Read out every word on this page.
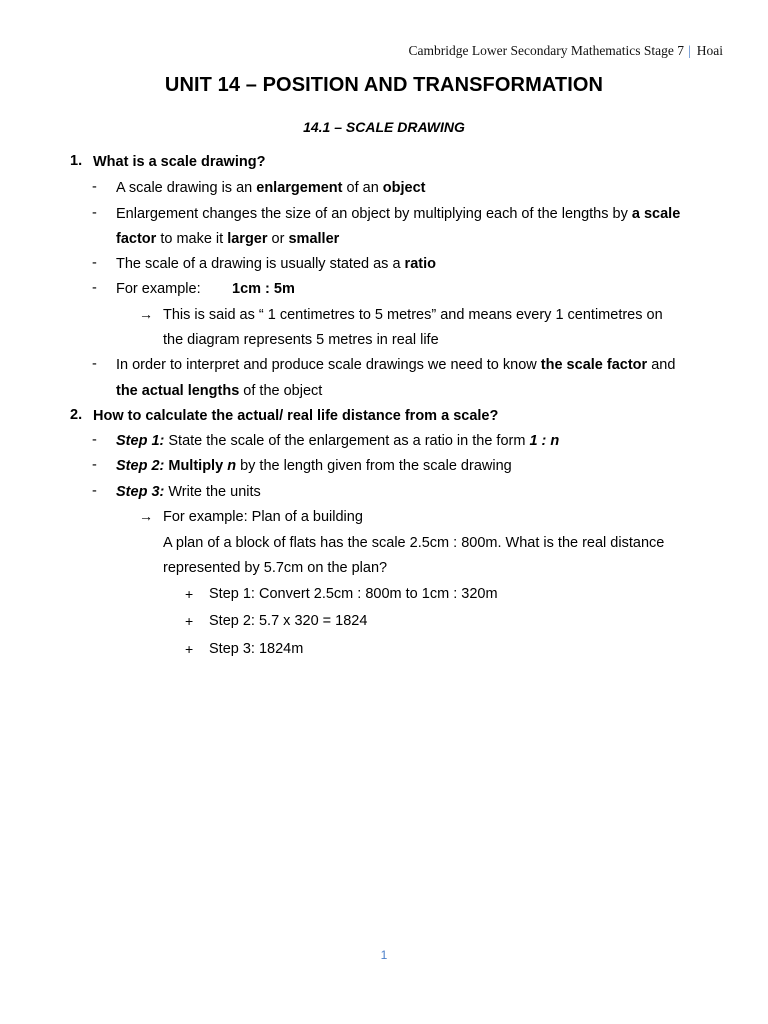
Cambridge Lower Secondary Mathematics Stage 7 | Hoai
UNIT 14 – POSITION AND TRANSFORMATION
14.1 – SCALE DRAWING
1. What is a scale drawing?
- A scale drawing is an enlargement of an object
- Enlargement changes the size of an object by multiplying each of the lengths by a scale
factor to make it larger or smaller
- The scale of a drawing is usually stated as a ratio
- For example: 1cm : 5m
→ This is said as “ 1 centimetres to 5 metres” and means every 1 centimetres on
the diagram represents 5 metres in real life
- In order to interpret and produce scale drawings we need to know the scale factor and
the actual lengths of the object
2. How to calculate the actual/ real life distance from a scale?
- Step 1: State the scale of the enlargement as a ratio in the form 1 : n
- Step 2: Multiply n by the length given from the scale drawing
- Step 3: Write the units
→ For example: Plan of a building
A plan of a block of flats has the scale 2.5cm : 800m. What is the real distance
represented by 5.7cm on the plan?
+ Step 1: Convert 2.5cm : 800m to 1cm : 320m
+ Step 2: 5.7 x 320 = 1824
+ Step 3: 1824m
1
